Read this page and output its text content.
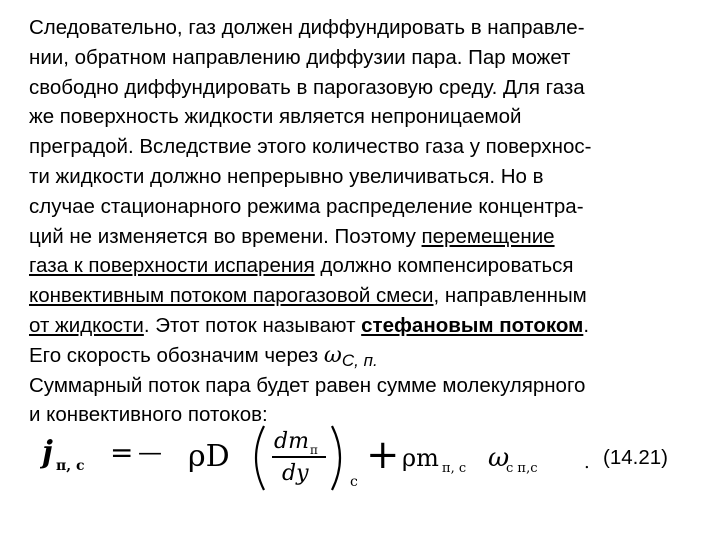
Следовательно, газ должен диффундировать в направле-
нии, обратном направлению диффузии пара. Пар может
свободно диффундировать в парогазовую среду. Для газа
же поверхность жидкости является непроницаемой
преградой. Вследствие этого количество газа у поверхнос-
ти жидкости должно непрерывно увеличиваться. Но в
случае стационарного режима распределение концентра-
ций не изменяется во времени. Поэтому перемещение
газа к поверхности испарения должно компенсироваться
конвективным потоком парогазовой смеси, направленным
от жидкости. Этот поток называют стефановым потоком.
Его скорость обозначим через ωС, п.
Суммарный поток пара будет равен сумме молекулярного
и конвективного потоков:
j п, с = — ρD dm п
dy	c
+ ρm п, с ω
c п,с	. (14.21)
